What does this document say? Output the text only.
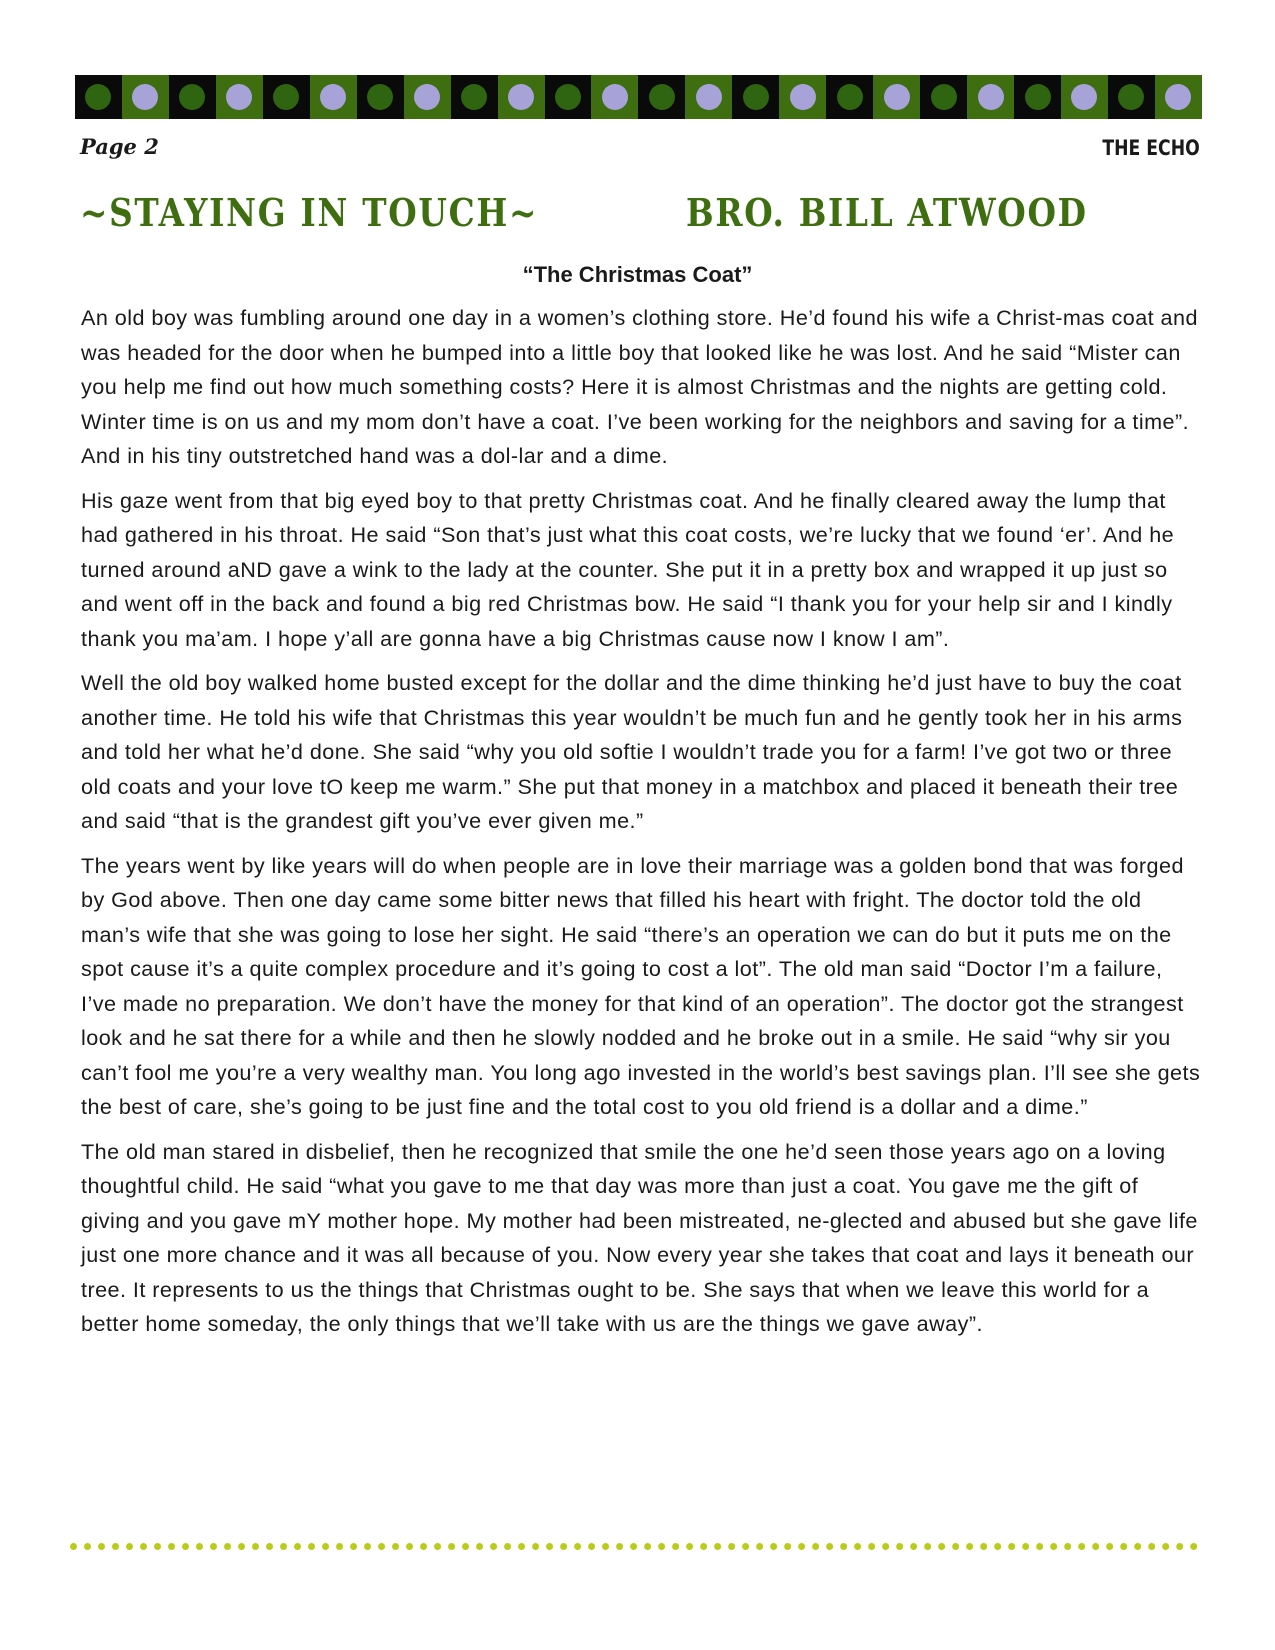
Page 2	THE ECHO
~STAYING IN TOUCH~	BRO. BILL ATWOOD
“The Christmas Coat”

An old boy was fumbling around one day in a women’s clothing store. He’d found his wife a Christ-mas coat and was headed for the door when he bumped into a little boy that looked like he was lost. And he said “Mister can you help me find out how much something costs? Here it is almost Christmas and the nights are getting cold. Winter time is on us and my mom don’t have a coat. I’ve been working for the neighbors and saving for a time”. And in his tiny outstretched hand was a dol-lar and a dime.

His gaze went from that big eyed boy to that pretty Christmas coat. And he finally cleared away the lump that had gathered in his throat. He said “Son that’s just what this coat costs, we’re lucky that we found ‘er’. And he turned around aND gave a wink to the lady at the counter. She put it in a pretty box and wrapped it up just so and went off in the back and found a big red Christmas bow. He said “I thank you for your help sir and I kindly thank you ma’am. I hope y’all are gonna have a big Christmas cause now I know I am”.

Well the old boy walked home busted except for the dollar and the dime thinking he’d just have to buy the coat another time. He told his wife that Christmas this year wouldn’t be much fun and he gently took her in his arms and told her what he’d done. She said “why you old softie I wouldn’t trade you for a farm! I’ve got two or three old coats and your love tO keep me warm.” She put that money in a matchbox and placed it beneath their tree and said “that is the grandest gift you’ve ever given me.”

The years went by like years will do when people are in love their marriage was a golden bond that was forged by God above. Then one day came some bitter news that filled his heart with fright. The doctor told the old man’s wife that she was going to lose her sight. He said “there’s an operation we can do but it puts me on the spot cause it’s a quite complex procedure and it’s going to cost a lot”. The old man said “Doctor I’m a failure, I’ve made no preparation. We don’t have the money for that kind of an operation”. The doctor got the strangest look and he sat there for a while and then he slowly nodded and he broke out in a smile. He said “why sir you can’t fool me you’re a very wealthy man. You long ago invested in the world’s best savings plan. I’ll see she gets the best of care, she’s going to be just fine and the total cost to you old friend is a dollar and a dime.”

The old man stared in disbelief, then he recognized that smile the one he’d seen those years ago on a loving thoughtful child. He said “what you gave to me that day was more than just a coat. You gave me the gift of giving and you gave mY mother hope. My mother had been mistreated, ne-glected and abused but she gave life just one more chance and it was all because of you. Now every year she takes that coat and lays it beneath our tree. It represents to us the things that Christmas ought to be. She says that when we leave this world for a better home someday, the only things that we’ll take with us are the things we gave away”.
